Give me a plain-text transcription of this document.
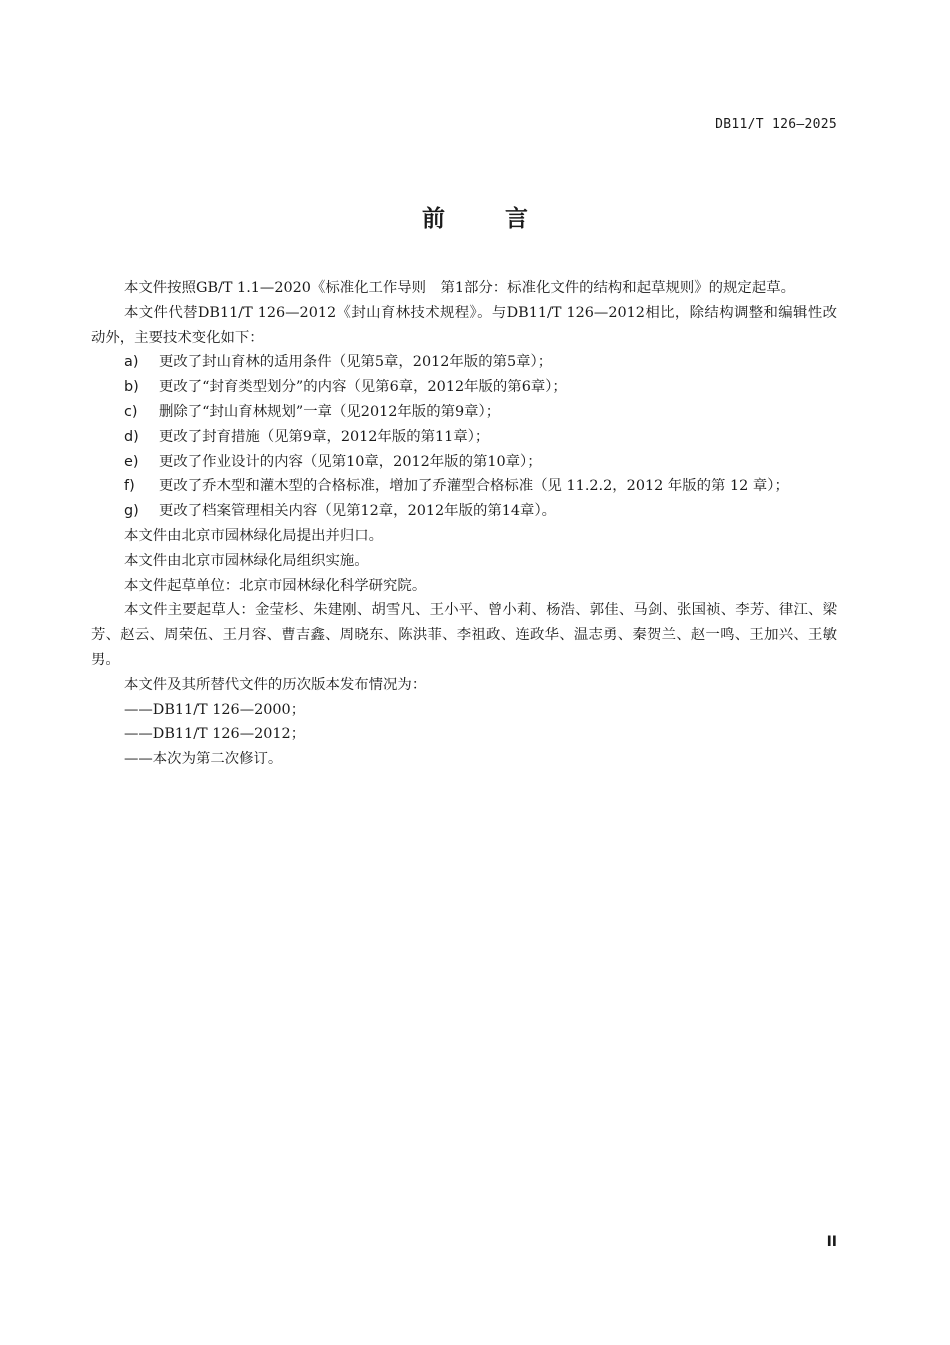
DB11/T 126—2025
前	言

本文件按照GB/T 1.1—2020《标准化工作导则　第1部分：标准化文件的结构和起草规则》的规定起草。

本文件代替DB11/T 126—2012《封山育林技术规程》。与DB11/T 126—2012相比，除结构调整和编辑性改动外，主要技术变化如下：

a) 更改了封山育林的适用条件（见第5章，2012年版的第5章）；

b) 更改了“封育类型划分”的内容（见第6章，2012年版的第6章）；

c) 删除了“封山育林规划”一章（见2012年版的第9章）；

d) 更改了封育措施（见第9章，2012年版的第11章）；

e) 更改了作业设计的内容（见第10章，2012年版的第10章）；

f) 更改了乔木型和灌木型的合格标准，增加了乔灌型合格标准（见 11.2.2，2012 年版的第 12 章）；

g) 更改了档案管理相关内容（见第12章，2012年版的第14章）。

本文件由北京市园林绿化局提出并归口。

本文件由北京市园林绿化局组织实施。

本文件起草单位：北京市园林绿化科学研究院。

本文件主要起草人：金莹杉、朱建刚、胡雪凡、王小平、曾小莉、杨浩、郭佳、马剑、张国祯、李芳、律江、梁芳、赵云、周荣伍、王月容、曹吉鑫、周晓东、陈洪菲、李祖政、连政华、温志勇、秦贺兰、赵一鸣、王加兴、王敏男。

本文件及其所替代文件的历次版本发布情况为：

——DB11/T 126—2000；

——DB11/T 126—2012；

——本次为第二次修订。

II
